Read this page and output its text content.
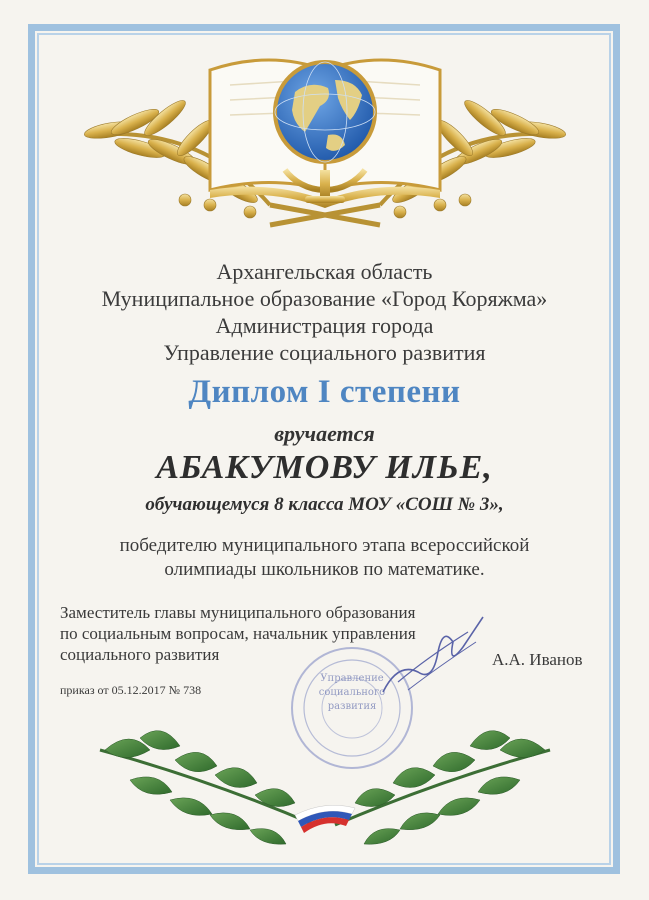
Архангельская область
Муниципальное образование «Город Коряжма»
Администрация города
Управление социального развития
Диплом I степени
вручается
АБАКУМОВУ ИЛЬЕ,
обучающемуся 8 класса МОУ «СОШ № 3»,
победителю муниципального этапа всероссийской
олимпиады школьников по математике.
Заместитель главы муниципального образования
по социальным вопросам, начальник управления
социального развития	А.А. Иванов
приказ от 05.12.2017 № 738
Управление
социального
развития
